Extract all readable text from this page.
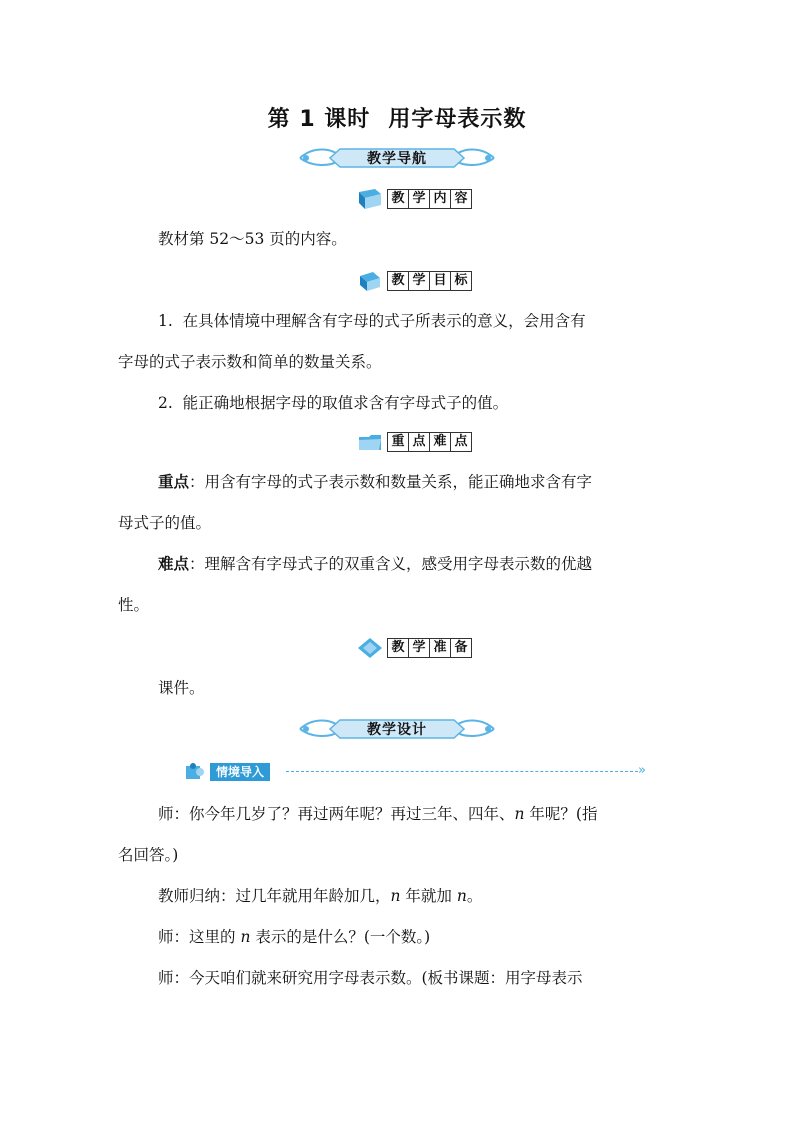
第 1 课时 用字母表示数
教学导航
教 学 内 容

教材第 52～53 页的内容。

教 学 目 标

1. 在具体情境中理解含有字母的式子所表示的意义，会用含有
字母的式子表示数和简单的数量关系。

2. 能正确地根据字母的取值求含有字母式子的值。

重 点 难 点

重点：用含有字母的式子表示数和数量关系，能正确地求含有字
母式子的值。

难点：理解含有字母式子的双重含义，感受用字母表示数的优越
性。

教 学 准 备

课件。

教学设计
情境导入	»

师：你今年几岁了？再过两年呢？再过三年、四年、n 年呢？(指
名回答。)

教师归纳：过几年就用年龄加几，n 年就加 n。

师：这里的 n 表示的是什么？(一个数。)

师：今天咱们就来研究用字母表示数。(板书课题：用字母表示
